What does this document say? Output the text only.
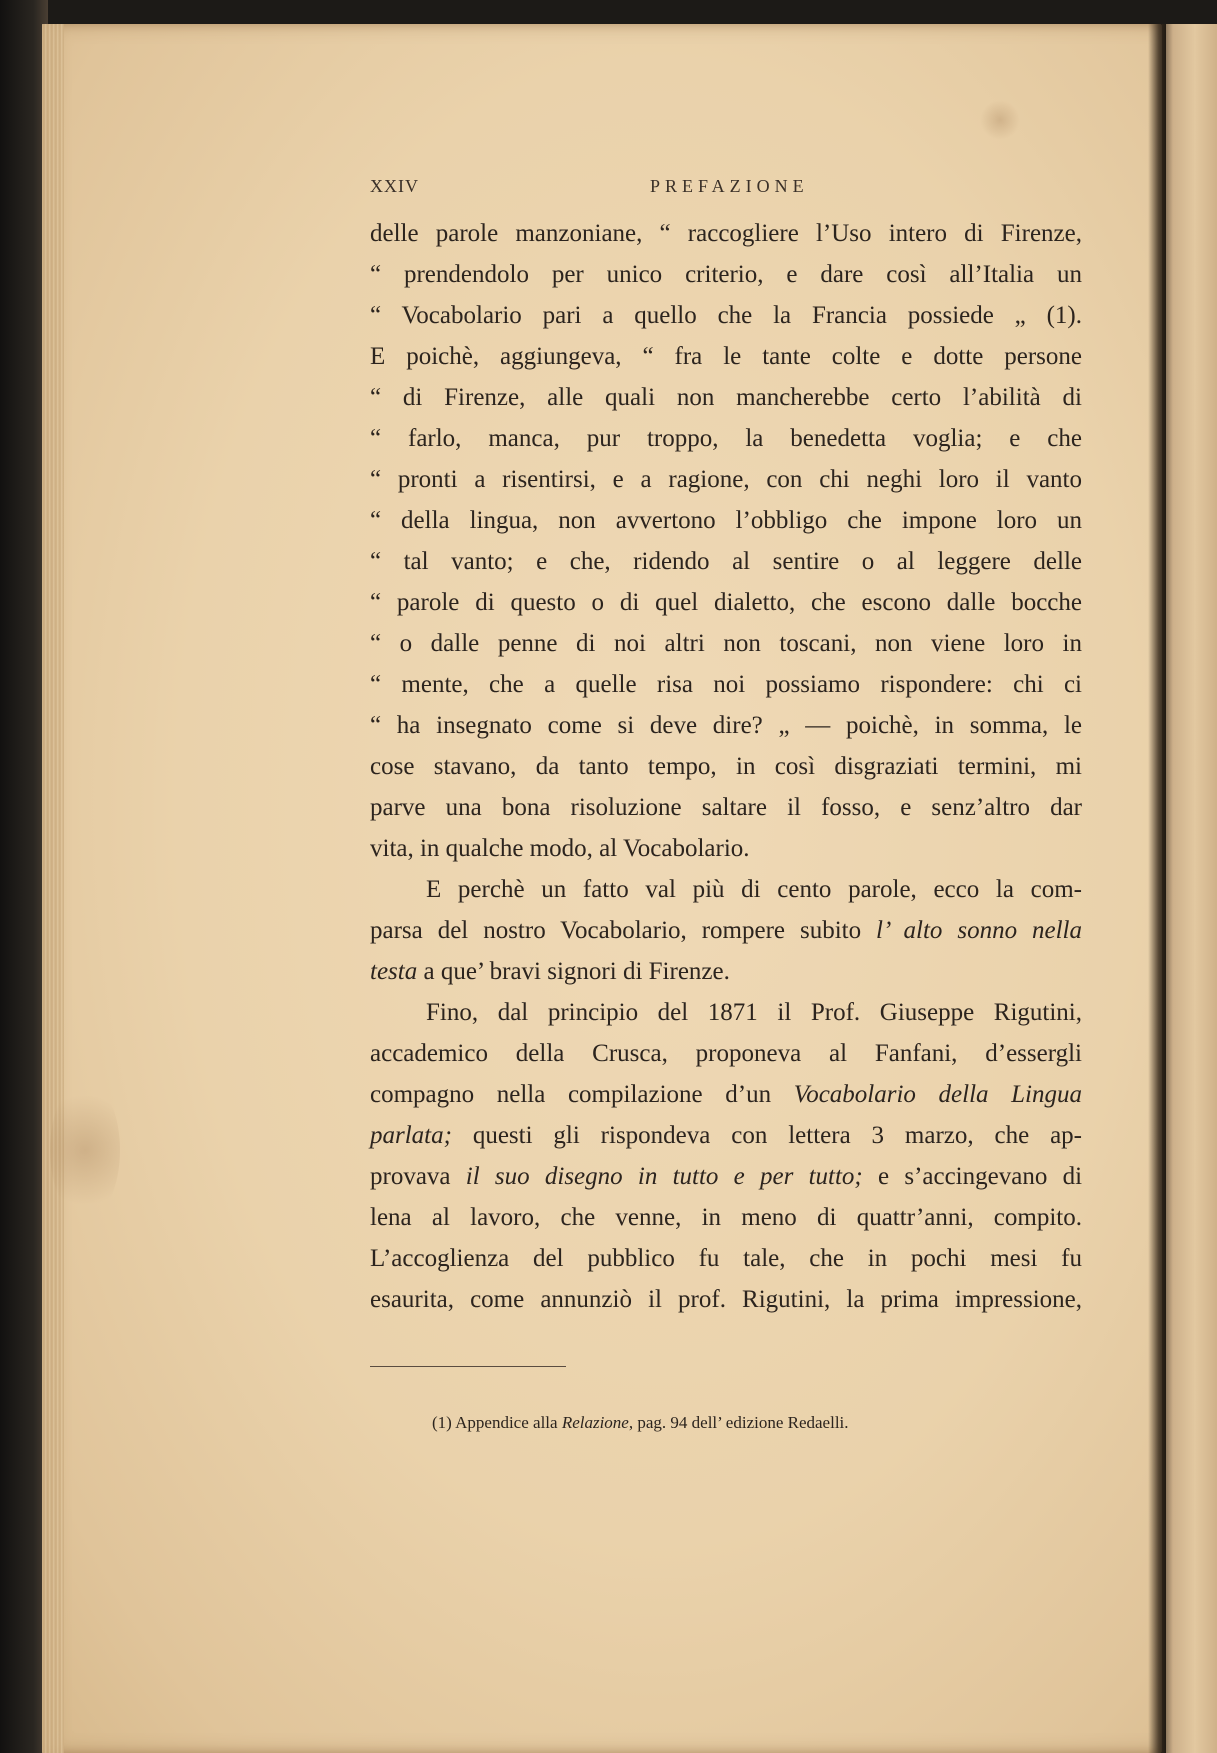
XXIV	PREFAZIONE
delle parole manzoniane, “ raccogliere l’Uso intero di Firenze,
“ prendendolo per unico criterio, e dare così all’Italia un
“ Vocabolario pari a quello che la Francia possiede „ (1).
E poichè, aggiungeva, “ fra le tante colte e dotte persone
“ di Firenze, alle quali non mancherebbe certo l’abilità di
“ farlo, manca, pur troppo, la benedetta voglia; e che
“ pronti a risentirsi, e a ragione, con chi neghi loro il vanto
“ della lingua, non avvertono l’obbligo che impone loro un
“ tal vanto; e che, ridendo al sentire o al leggere delle
“ parole di questo o di quel dialetto, che escono dalle bocche
“ o dalle penne di noi altri non toscani, non viene loro in
“ mente, che a quelle risa noi possiamo rispondere: chi ci
“ ha insegnato come si deve dire? „ — poichè, in somma, le
cose stavano, da tanto tempo, in così disgraziati termini, mi
parve una bona risoluzione saltare il fosso, e senz’altro dar
vita, in qualche modo, al Vocabolario.
E perchè un fatto val più di cento parole, ecco la com-
parsa del nostro Vocabolario, rompere subito l’ alto sonno nella
testa a que’ bravi signori di Firenze.
Fino, dal principio del 1871 il Prof. Giuseppe Rigutini,
accademico della Crusca, proponeva al Fanfani, d’essergli
compagno nella compilazione d’un Vocabolario della Lingua
parlata; questi gli rispondeva con lettera 3 marzo, che ap-
provava il suo disegno in tutto e per tutto; e s’accingevano di
lena al lavoro, che venne, in meno di quattr’anni, compito.
L’accoglienza del pubblico fu tale, che in pochi mesi fu
esaurita, come annunziò il prof. Rigutini, la prima impressione,
(1) Appendice alla Relazione, pag. 94 dell’ edizione Redaelli.
